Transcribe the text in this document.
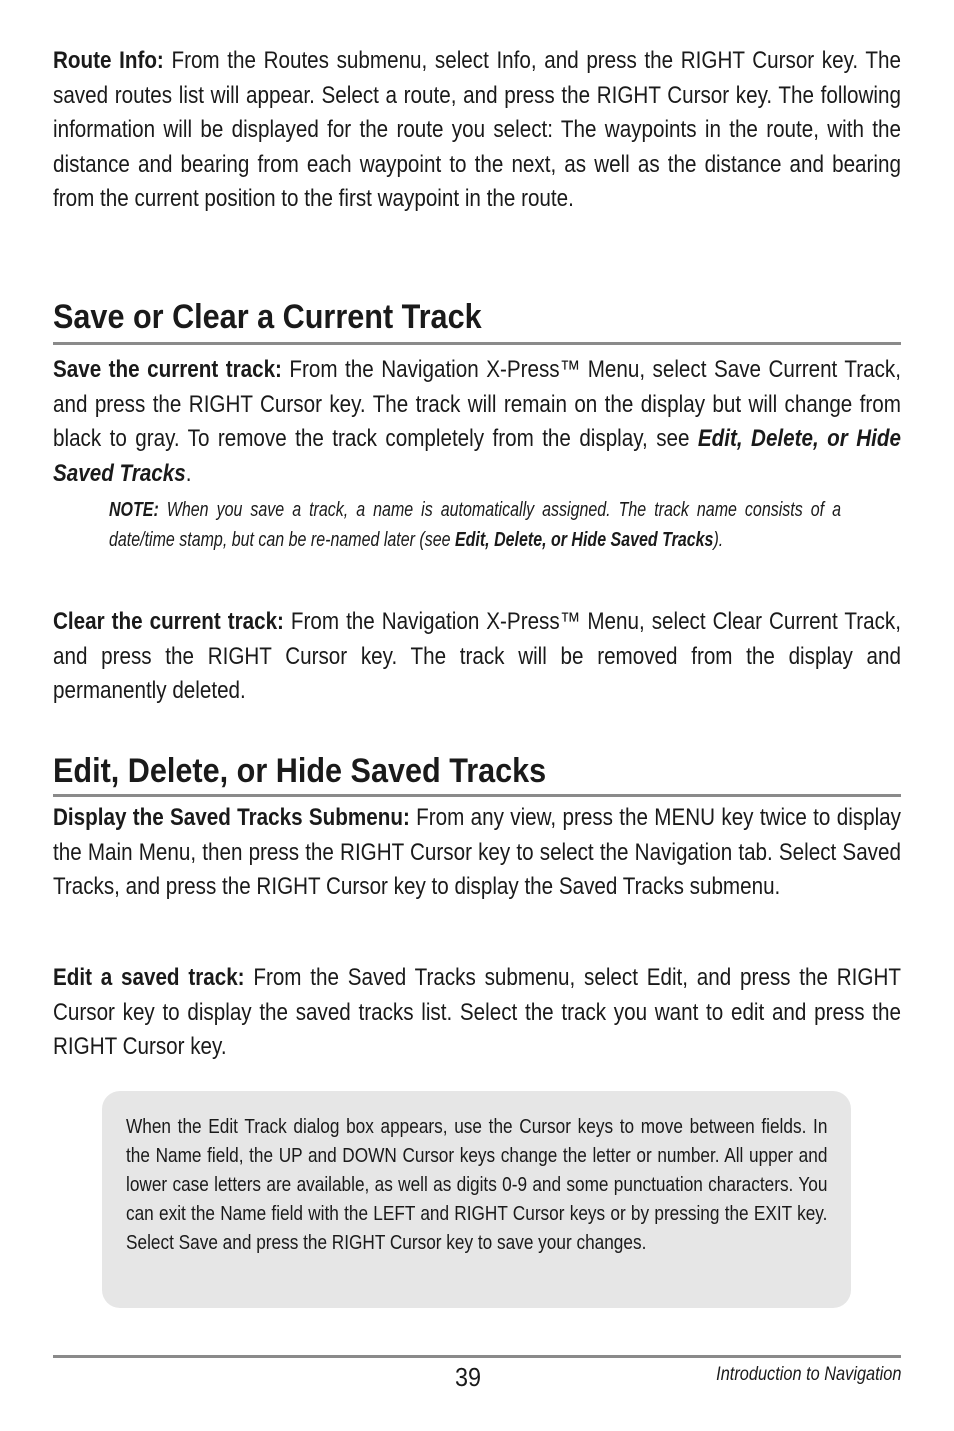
Route Info: From the Routes submenu, select Info, and press the RIGHT Cursor key. The saved routes list will appear. Select a route, and press the RIGHT Cursor key. The following information will be displayed for the route you select: The waypoints in the route, with the distance and bearing from each waypoint to the next, as well as the distance and bearing from the current position to the first waypoint in the route.

Save or Clear a Current Track

Save the current track: From the Navigation X-Press™ Menu, select Save Current Track, and press the RIGHT Cursor key. The track will remain on the display but will change from black to gray. To remove the track completely from the display, see Edit, Delete, or Hide Saved Tracks.

NOTE: When you save a track, a name is automatically assigned. The track name consists of a date/time stamp, but can be re-named later (see Edit, Delete, or Hide Saved Tracks).

Clear the current track: From the Navigation X-Press™ Menu, select Clear Current Track, and press the RIGHT Cursor key. The track will be removed from the display and permanently deleted.

Edit, Delete, or Hide Saved Tracks

Display the Saved Tracks Submenu: From any view, press the MENU key twice to display the Main Menu, then press the RIGHT Cursor key to select the Navigation tab. Select Saved Tracks, and press the RIGHT Cursor key to display the Saved Tracks submenu.

Edit a saved track: From the Saved Tracks submenu, select Edit, and press the RIGHT Cursor key to display the saved tracks list. Select the track you want to edit and press the RIGHT Cursor key.

When the Edit Track dialog box appears, use the Cursor keys to move between fields. In the Name field, the UP and DOWN Cursor keys change the letter or number. All upper and lower case letters are available, as well as digits 0-9 and some punctuation characters. You can exit the Name field with the LEFT and RIGHT Cursor keys or by pressing the EXIT key. Select Save and press the RIGHT Cursor key to save your changes.

39	Introduction to Navigation
